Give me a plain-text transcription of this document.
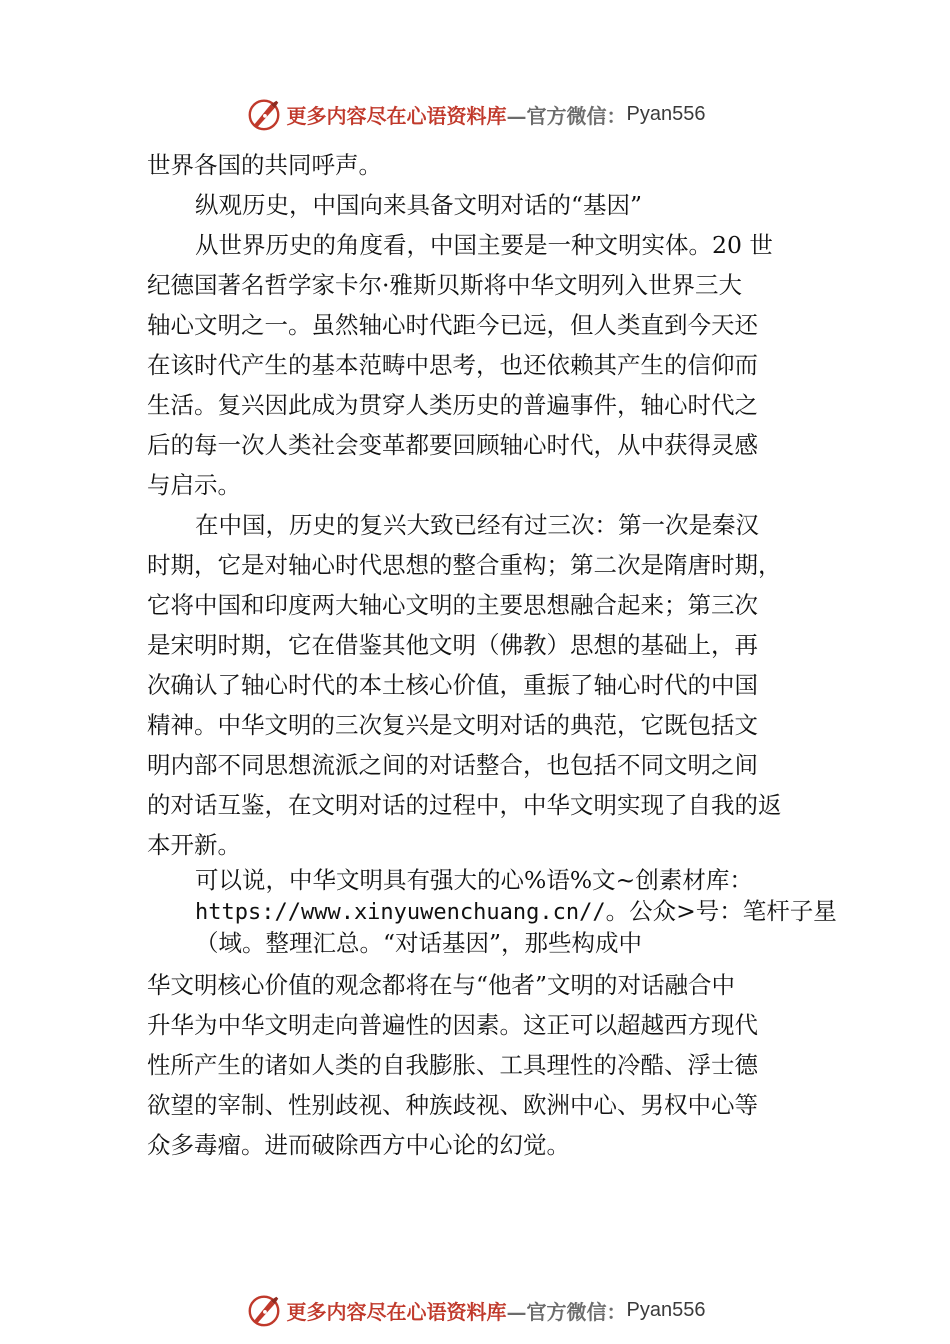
更多内容尽在心语资料库 —官方微信： Pyan556

世界各国的共同呼声。

纵观历史，中国向来具备文明对话的“基因”

从世界历史的角度看，中国主要是一种文明实体。20 世
纪德国著名哲学家卡尔·雅斯贝斯将中华文明列入世界三大
轴心文明之一。虽然轴心时代距今已远，但人类直到今天还
在该时代产生的基本范畴中思考，也还依赖其产生的信仰而
生活。复兴因此成为贯穿人类历史的普遍事件，轴心时代之
后的每一次人类社会变革都要回顾轴心时代，从中获得灵感
与启示。

在中国，历史的复兴大致已经有过三次：第一次是秦汉
时期，它是对轴心时代思想的整合重构；第二次是隋唐时期，
它将中国和印度两大轴心文明的主要思想融合起来；第三次
是宋明时期，它在借鉴其他文明（佛教）思想的基础上，再
次确认了轴心时代的本土核心价值，重振了轴心时代的中国
精神。中华文明的三次复兴是文明对话的典范，它既包括文
明内部不同思想流派之间的对话整合，也包括不同文明之间
的对话互鉴，在文明对话的过程中，中华文明实现了自我的返
本开新。

可以说，中华文明具有强大的心%语%文~创素材库：
https://www.xinyuwenchuang.cn//。公众>号：笔杆子星
（域。整理汇总。“对话基因”，那些构成中

华文明核心价值的观念都将在与“他者”文明的对话融合中
升华为中华文明走向普遍性的因素。这正可以超越西方现代
性所产生的诸如人类的自我膨胀、工具理性的冷酷、浮士德
欲望的宰制、性别歧视、种族歧视、欧洲中心、男权中心等
众多毒瘤。进而破除西方中心论的幻觉。

更多内容尽在心语资料库 —官方微信： Pyan556
